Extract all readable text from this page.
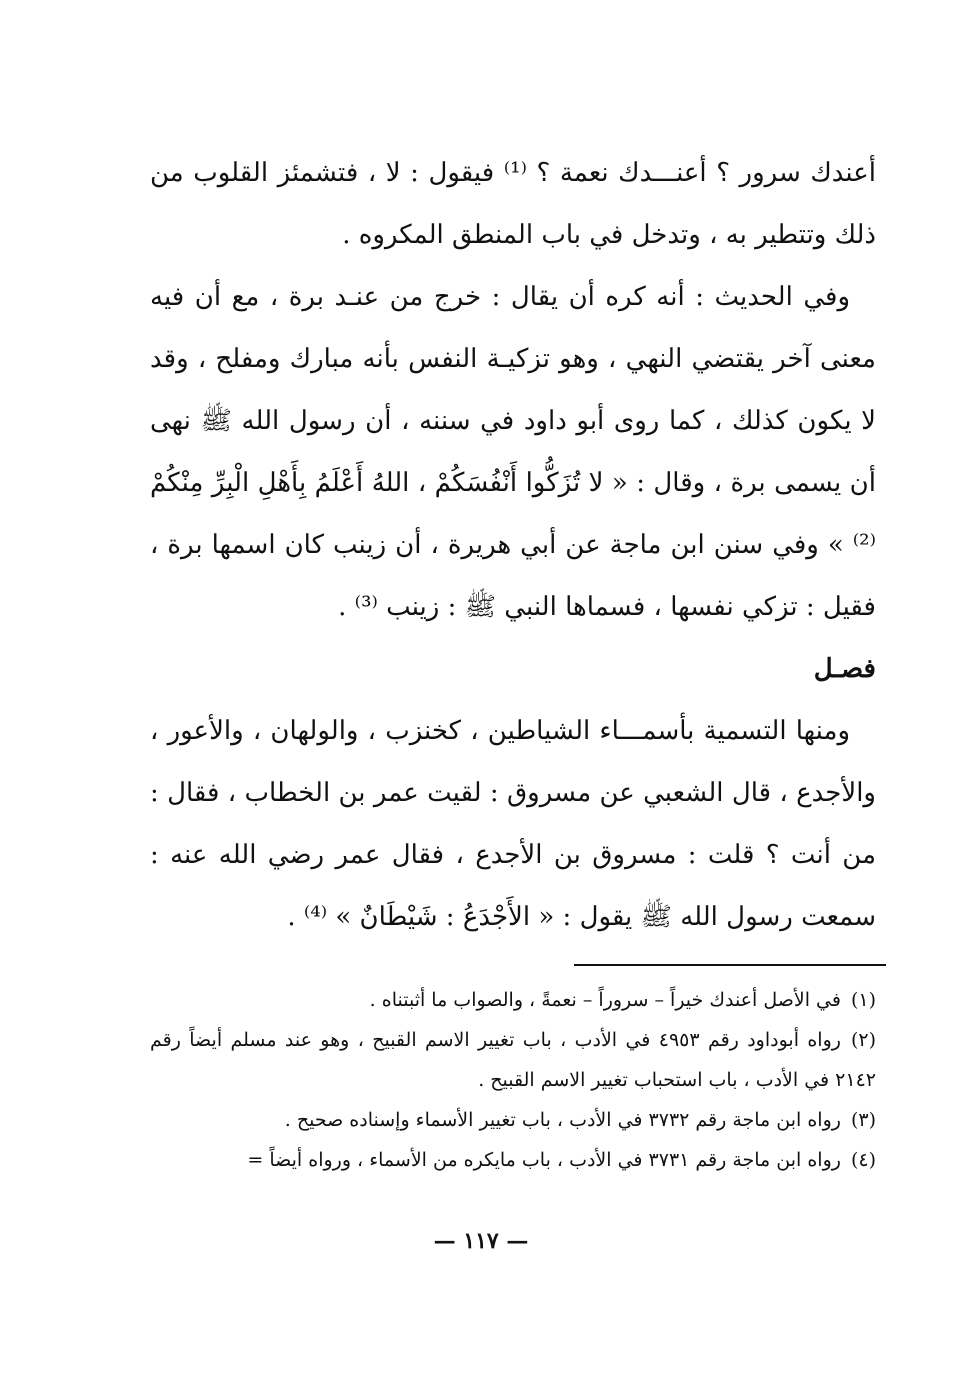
أعندك سرور ؟ أعنـــدك نعمة ؟ ⁽¹⁾ فيقول : لا ، فتشمئز القلوب من ذلك وتتطير به ، وتدخل في باب المنطق المكروه .

وفي الحديث : أنه كره أن يقال : خرج من عنـد برة ، مع أن فيه معنى آخر يقتضي النهي ، وهو تزكيـة النفس بأنه مبارك ومفلح ، وقد لا يكون كذلك ، كما روى أبو داود في سننه ، أن رسول الله ﷺ نهى أن يسمى برة ، وقال : « لا تُزَكُّوا أَنْفُسَكُمْ ، اللهُ أَعْلَمُ بِأَهْلِ الْبِرِّ مِنْكُمْ ⁽²⁾ » وفي سنن ابن ماجة عن أبي هريرة ، أن زينب كان اسمها برة ، فقيل : تزكي نفسها ، فسماها النبي ﷺ : زينب ⁽³⁾ .

فصـل

ومنها التسمية بأسمـــاء الشياطين ، كخنزب ، والولهان ، والأعور ، والأجدع ، قال الشعبي عن مسروق : لقيت عمر بن الخطاب ، فقال : من أنت ؟ قلت : مسروق بن الأجدع ، فقال عمر رضي الله عنه : سمعت رسول الله ﷺ يقول : « الأَجْدَعُ : شَيْطَانٌ » ⁽⁴⁾ .

(١)في الأصل أعندك خيراً – سروراً – نعمةً ، والصواب ما أثبتناه .

(٢)رواه أبوداود رقم ٤٩٥٣ في الأدب ، باب تغيير الاسم القبيح ، وهو عند مسلم أيضاً رقم ٢١٤٢ في الأدب ، باب استحباب تغيير الاسم القبيح .

(٣)رواه ابن ماجة رقم ٣٧٣٢ في الأدب ، باب تغيير الأسماء وإسناده صحيح .

(٤)رواه ابن ماجة رقم ٣٧٣١ في الأدب ، باب مايكره من الأسماء ، ورواه أيضاً =

— ١١٧ —
